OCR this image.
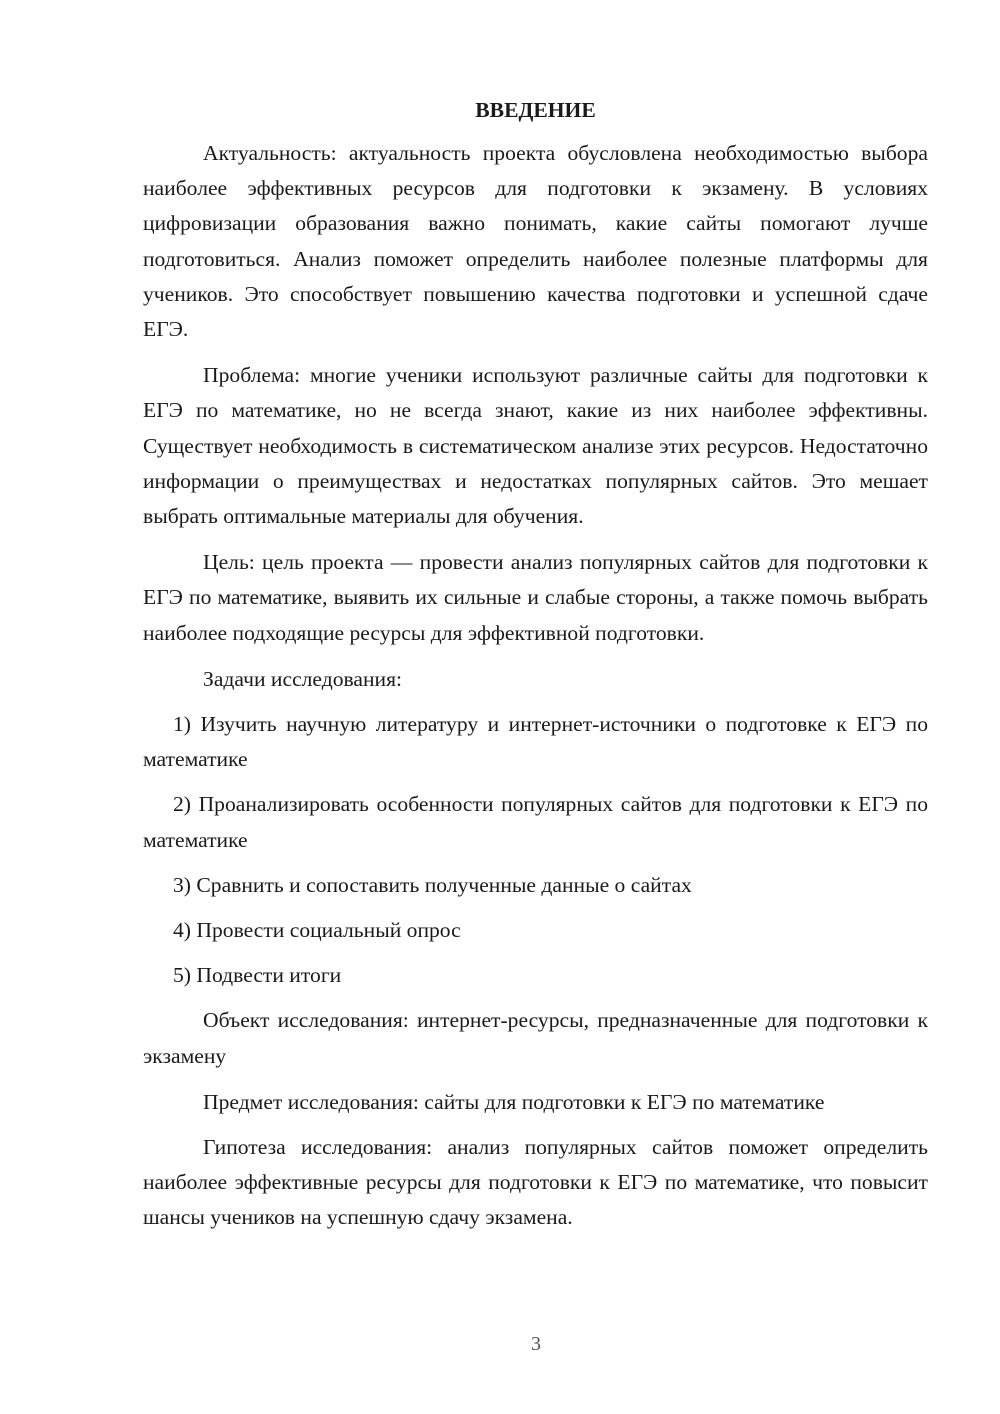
ВВЕДЕНИЕ

Актуальность: актуальность проекта обусловлена необходимостью выбора наиболее эффективных ресурсов для подготовки к экзамену. В условиях цифровизации образования важно понимать, какие сайты помогают лучше подготовиться. Анализ поможет определить наиболее полезные платформы для учеников. Это способствует повышению качества подготовки и успешной сдаче ЕГЭ.

Проблема: многие ученики используют различные сайты для подготовки к ЕГЭ по математике, но не всегда знают, какие из них наиболее эффективны. Существует необходимость в систематическом анализе этих ресурсов. Недостаточно информации о преимуществах и недостатках популярных сайтов. Это мешает выбрать оптимальные материалы для обучения.

Цель: цель проекта — провести анализ популярных сайтов для подготовки к ЕГЭ по математике, выявить их сильные и слабые стороны, а также помочь выбрать наиболее подходящие ресурсы для эффективной подготовки.

Задачи исследования:

1) Изучить научную литературу и интернет-источники о подготовке к ЕГЭ по математике

2) Проанализировать особенности популярных сайтов для подготовки к ЕГЭ по математике

3) Сравнить и сопоставить полученные данные о сайтах

4) Провести социальный опрос

5) Подвести итоги

Объект исследования: интернет-ресурсы, предназначенные для подготовки к экзамену

Предмет исследования: сайты для подготовки к ЕГЭ по математике

Гипотеза исследования: анализ популярных сайтов поможет определить наиболее эффективные ресурсы для подготовки к ЕГЭ по математике, что повысит шансы учеников на успешную сдачу экзамена.

3
